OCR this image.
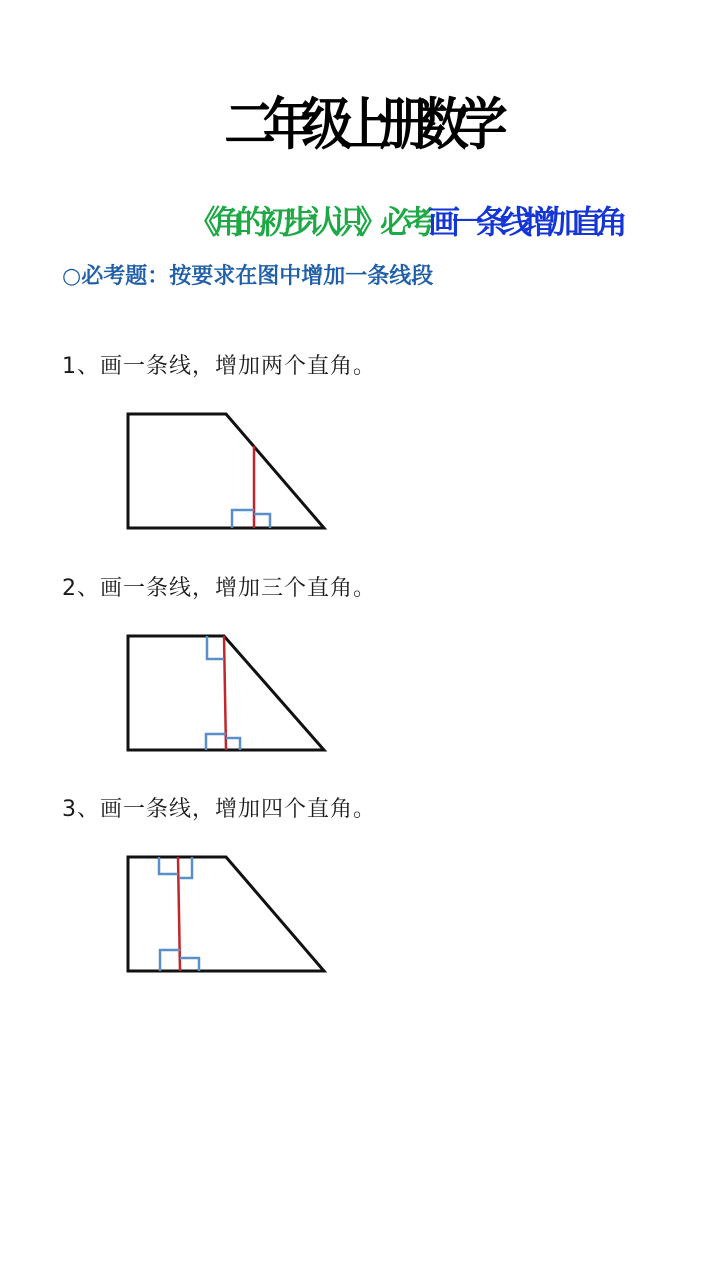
二年级上册数学
《角的初步认识》必考画一条线增加直角
○必考题：按要求在图中增加一条线段
1、画一条线，增加两个直角。
2、画一条线，增加三个直角。
3、画一条线，增加四个直角。
